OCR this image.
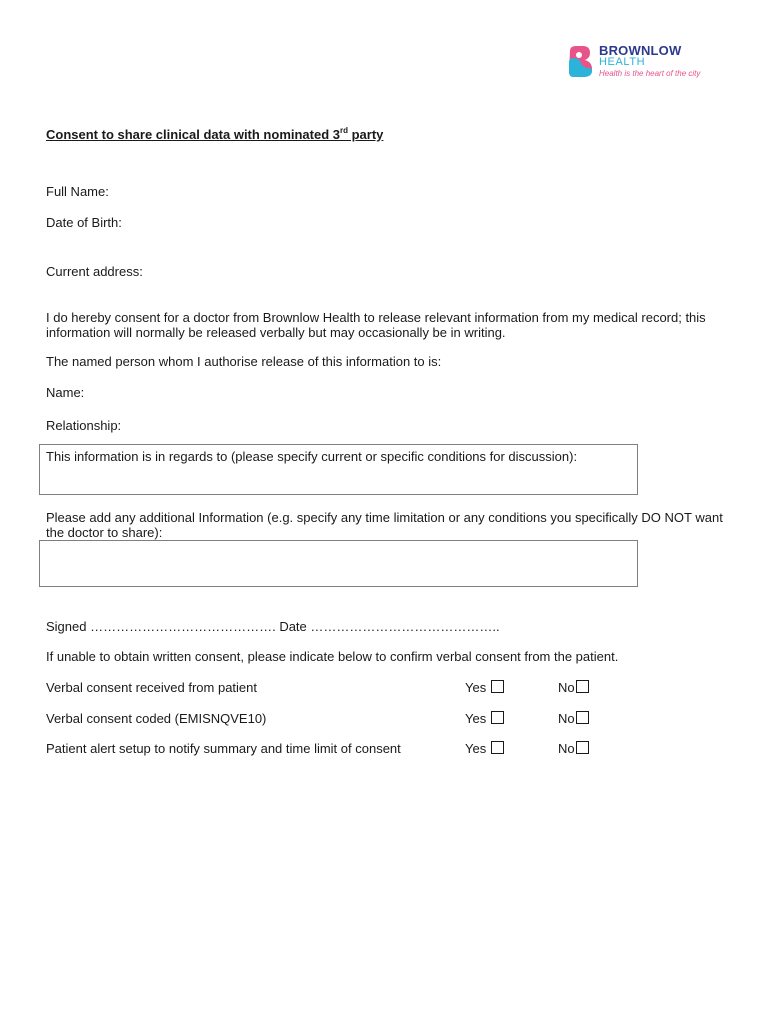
BROWNLOW
HEALTH
Health is the heart of the city
Consent to share clinical data with nominated 3rd party
Full Name:
Date of Birth:
Current address:
I do hereby consent for a doctor from Brownlow Health to release relevant information from my medical record; this information will normally be released verbally but may occasionally be in writing.
The named person whom I authorise release of this information to is:
Name:
Relationship:
This information is in regards to (please specify current or specific conditions for discussion):
Please add any additional Information (e.g. specify any time limitation or any conditions you specifically DO NOT want the doctor to share):
Signed ……………………………………. Date ……………………………………..
If unable to obtain written consent, please indicate below to confirm verbal consent from the patient.
Verbal consent received from patient	Yes	No
Verbal consent coded (EMISNQVE10)	Yes	No
Patient alert setup to notify summary and time limit of consent	Yes	No
